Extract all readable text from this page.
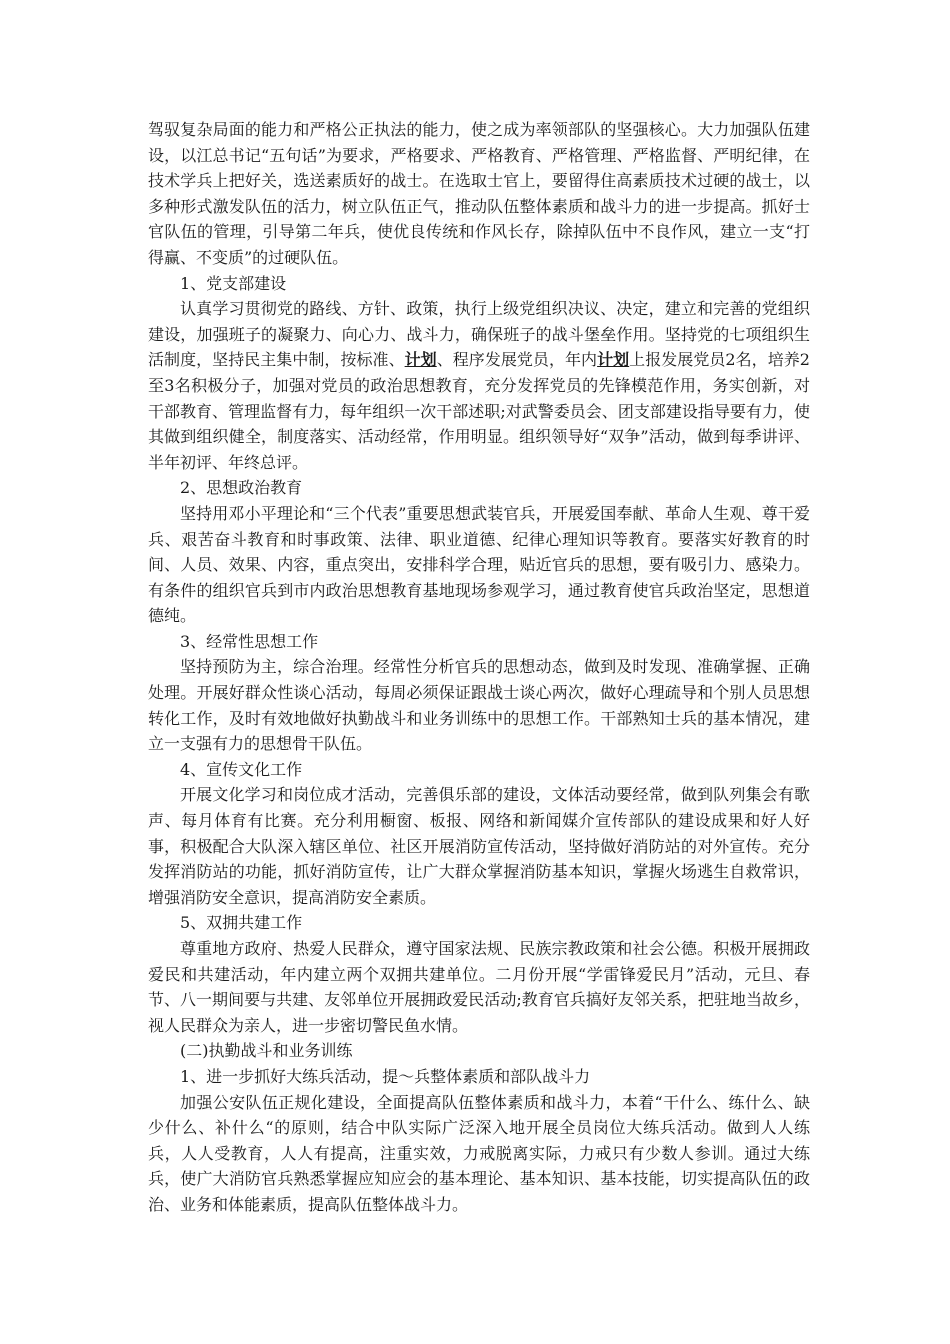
驾驭复杂局面的能力和严格公正执法的能力，使之成为率领部队的坚强核心。大力加强队伍建设，以江总书记“五句话”为要求，严格要求、严格教育、严格管理、严格监督、严明纪律，在技术学兵上把好关，选送素质好的战士。在选取士官上，要留得住高素质技术过硬的战士，以多种形式激发队伍的活力，树立队伍正气，推动队伍整体素质和战斗力的进一步提高。抓好士官队伍的管理，引导第二年兵，使优良传统和作风长存，除掉队伍中不良作风，建立一支“打得赢、不变质”的过硬队伍。

1、党支部建设

认真学习贯彻党的路线、方针、政策，执行上级党组织决议、决定，建立和完善的党组织建设，加强班子的凝聚力、向心力、战斗力，确保班子的战斗堡垒作用。坚持党的七项组织生活制度，坚持民主集中制，按标准、计划、程序发展党员，年内计划上报发展党员2名，培养2至3名积极分子，加强对党员的政治思想教育，充分发挥党员的先锋模范作用，务实创新，对干部教育、管理监督有力，每年组织一次干部述职;对武警委员会、团支部建设指导要有力，使其做到组织健全，制度落实、活动经常，作用明显。组织领导好“双争”活动，做到每季讲评、半年初评、年终总评。

2、思想政治教育

坚持用邓小平理论和“三个代表”重要思想武装官兵，开展爱国奉献、革命人生观、尊干爱兵、艰苦奋斗教育和时事政策、法律、职业道德、纪律心理知识等教育。要落实好教育的时间、人员、效果、内容，重点突出，安排科学合理，贴近官兵的思想，要有吸引力、感染力。有条件的组织官兵到市内政治思想教育基地现场参观学习，通过教育使官兵政治坚定，思想道德纯。

3、经常性思想工作

坚持预防为主，综合治理。经常性分析官兵的思想动态，做到及时发现、准确掌握、正确处理。开展好群众性谈心活动，每周必须保证跟战士谈心两次，做好心理疏导和个别人员思想转化工作，及时有效地做好执勤战斗和业务训练中的思想工作。干部熟知士兵的基本情况，建立一支强有力的思想骨干队伍。

4、宣传文化工作

开展文化学习和岗位成才活动，完善俱乐部的建设，文体活动要经常，做到队列集会有歌声、每月体育有比赛。充分利用橱窗、板报、网络和新闻媒介宣传部队的建设成果和好人好事，积极配合大队深入辖区单位、社区开展消防宣传活动，坚持做好消防站的对外宣传。充分发挥消防站的功能，抓好消防宣传，让广大群众掌握消防基本知识，掌握火场逃生自救常识，增强消防安全意识，提高消防安全素质。

5、双拥共建工作

尊重地方政府、热爱人民群众，遵守国家法规、民族宗教政策和社会公德。积极开展拥政爱民和共建活动，年内建立两个双拥共建单位。二月份开展“学雷锋爱民月”活动，元旦、春节、八一期间要与共建、友邻单位开展拥政爱民活动;教育官兵搞好友邻关系，把驻地当故乡，视人民群众为亲人，进一步密切警民鱼水情。

(二)执勤战斗和业务训练

1、进一步抓好大练兵活动，提～兵整体素质和部队战斗力

加强公安队伍正规化建设，全面提高队伍整体素质和战斗力，本着“干什么、练什么、缺少什么、补什么“的原则，结合中队实际广泛深入地开展全员岗位大练兵活动。做到人人练兵，人人受教育，人人有提高，注重实效，力戒脱离实际，力戒只有少数人参训。通过大练兵，使广大消防官兵熟悉掌握应知应会的基本理论、基本知识、基本技能，切实提高队伍的政治、业务和体能素质，提高队伍整体战斗力。
